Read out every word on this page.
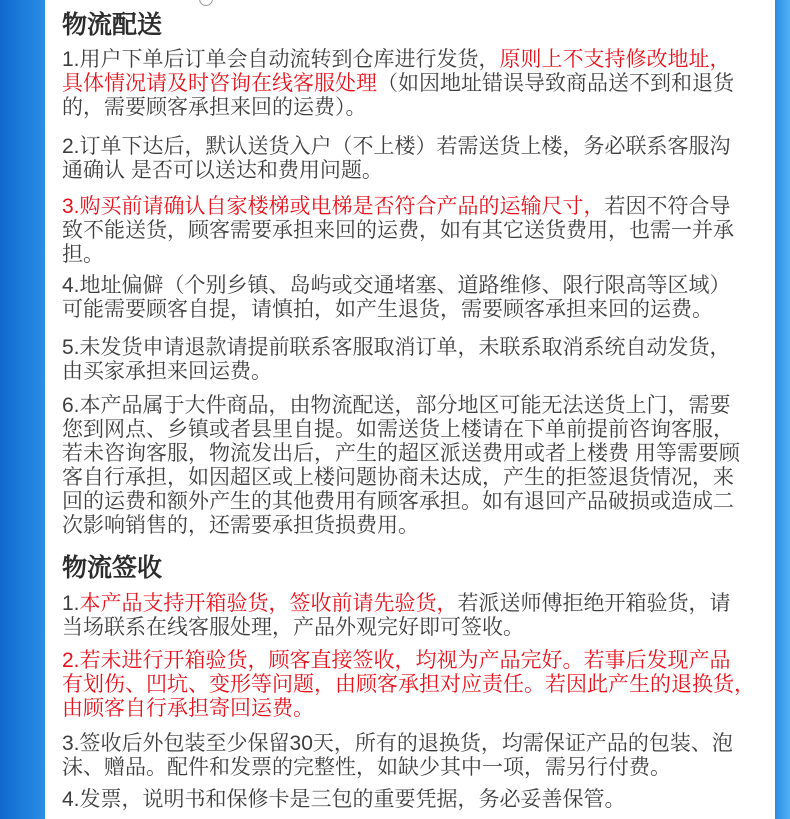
物流配送
1.用户下单后订单会自动流转到仓库进行发货，原则上不支持修改地址，
具体情况请及时咨询在线客服处理（如因地址错误导致商品送不到和退货
的，需要顾客承担来回的运费）。
2.订单下达后，默认送货入户（不上楼）若需送货上楼，务必联系客服沟
通确认 是否可以送达和费用问题。
3.购买前请确认自家楼梯或电梯是否符合产品的运输尺寸，若因不符合导
致不能送货，顾客需要承担来回的运费，如有其它送货费用，也需一并承
担。
4.地址偏僻（个别乡镇、岛屿或交通堵塞、道路维修、限行限高等区域）
可能需要顾客自提，请慎拍，如产生退货，需要顾客承担来回的运费。
5.未发货申请退款请提前联系客服取消订单，未联系取消系统自动发货，
由买家承担来回运费。
6.本产品属于大件商品，由物流配送，部分地区可能无法送货上门，需要
您到网点、乡镇或者县里自提。如需送货上楼请在下单前提前咨询客服，
若未咨询客服，物流发出后，产生的超区派送费用或者上楼费 用等需要顾
客自行承担，如因超区或上楼问题协商未达成，产生的拒签退货情况，来
回的运费和额外产生的其他费用有顾客承担。如有退回产品破损或造成二
次影响销售的，还需要承担货损费用。
物流签收
1.本产品支持开箱验货，签收前请先验货，若派送师傅拒绝开箱验货，请
当场联系在线客服处理，产品外观完好即可签收。
2.若未进行开箱验货，顾客直接签收，均视为产品完好。若事后发现产品
有划伤、凹坑、变形等问题，由顾客承担对应责任。若因此产生的退换货，
由顾客自行承担寄回运费。
3.签收后外包装至少保留30天，所有的退换货，均需保证产品的包装、泡
沫、赠品。配件和发票的完整性，如缺少其中一项，需另行付费。
4.发票，说明书和保修卡是三包的重要凭据，务必妥善保管。
